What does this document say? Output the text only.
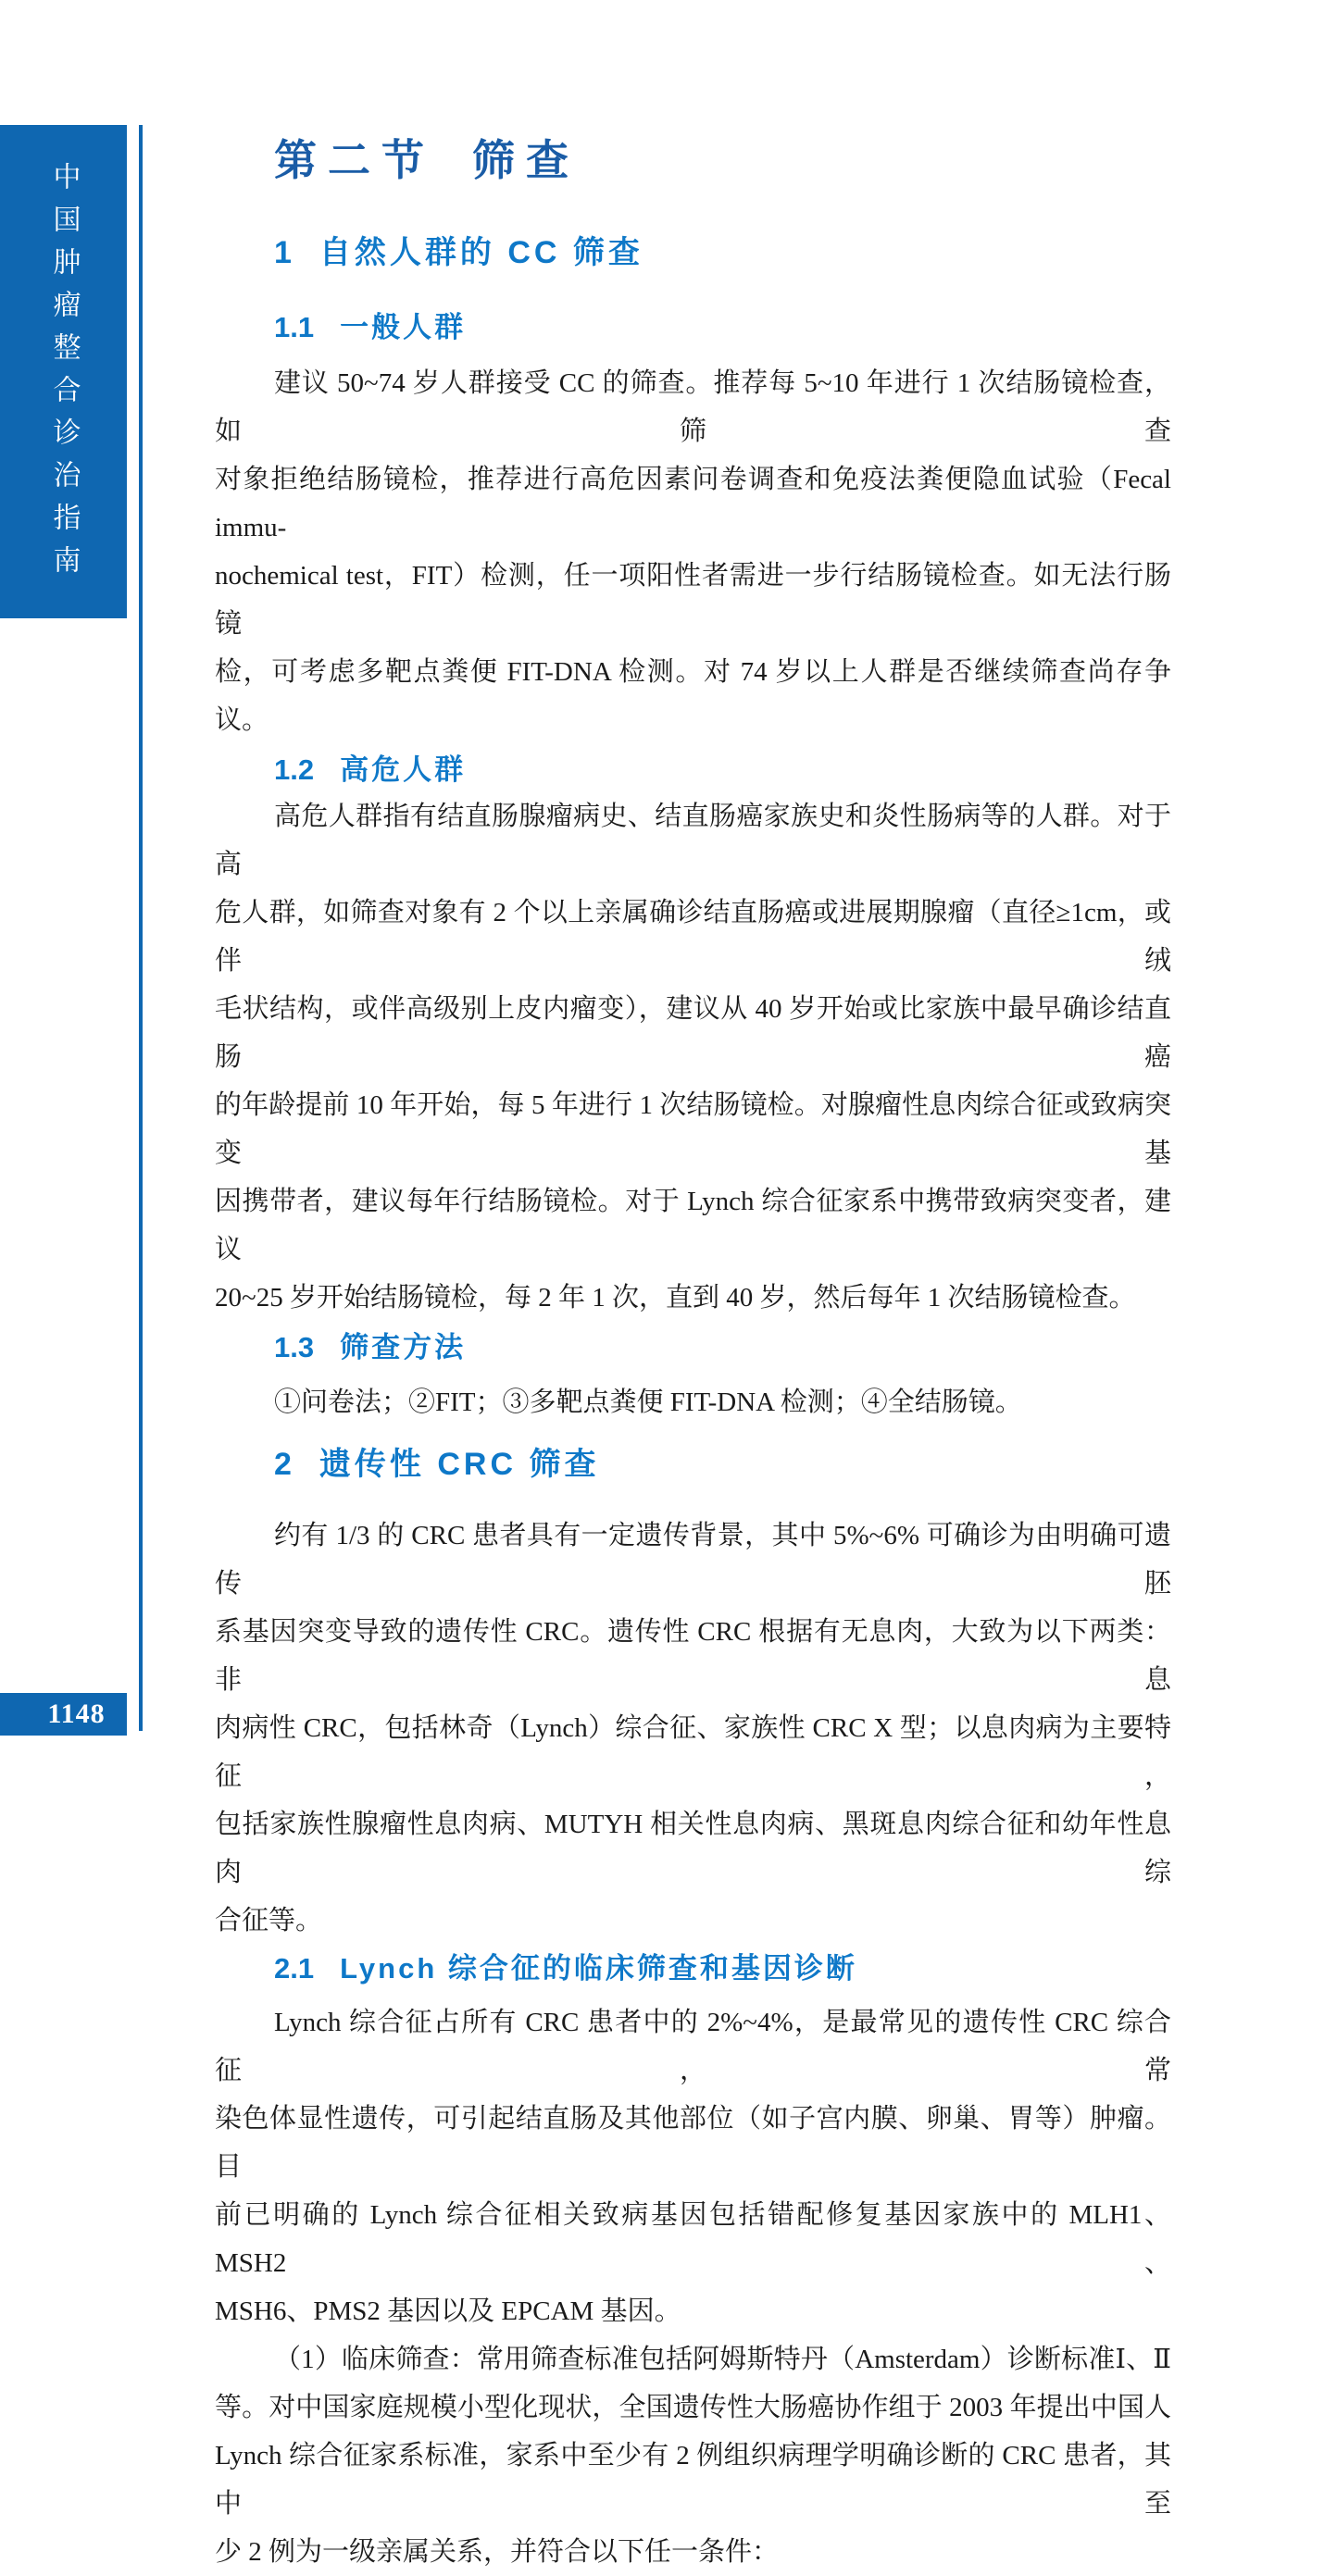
中国肿瘤整合诊治指南
1148
第二节 筛查
1 自然人群的 CC 筛查
1.1 一般人群
建议 50~74 岁人群接受 CC 的筛查。推荐每 5~10 年进行 1 次结肠镜检查，如筛查
对象拒绝结肠镜检，推荐进行高危因素问卷调查和免疫法粪便隐血试验（Fecal immu-
nochemical test，FIT）检测，任一项阳性者需进一步行结肠镜检查。如无法行肠镜
检，可考虑多靶点粪便 FIT-DNA 检测。对 74 岁以上人群是否继续筛查尚存争议。
1.2 高危人群
高危人群指有结直肠腺瘤病史、结直肠癌家族史和炎性肠病等的人群。对于高
危人群，如筛查对象有 2 个以上亲属确诊结直肠癌或进展期腺瘤（直径≥1cm，或伴绒
毛状结构，或伴高级别上皮内瘤变），建议从 40 岁开始或比家族中最早确诊结直肠癌
的年龄提前 10 年开始，每 5 年进行 1 次结肠镜检。对腺瘤性息肉综合征或致病突变基
因携带者，建议每年行结肠镜检。对于 Lynch 综合征家系中携带致病突变者，建议
20~25 岁开始结肠镜检，每 2 年 1 次，直到 40 岁，然后每年 1 次结肠镜检查。
1.3 筛查方法
①问卷法；②FIT；③多靶点粪便 FIT-DNA 检测；④全结肠镜。
2 遗传性 CRC 筛查
约有 1/3 的 CRC 患者具有一定遗传背景，其中 5%~6% 可确诊为由明确可遗传胚
系基因突变导致的遗传性 CRC。遗传性 CRC 根据有无息肉，大致为以下两类：非息
肉病性 CRC，包括林奇（Lynch）综合征、家族性 CRC X 型；以息肉病为主要特征，
包括家族性腺瘤性息肉病、MUTYH 相关性息肉病、黑斑息肉综合征和幼年性息肉综
合征等。
2.1 Lynch 综合征的临床筛查和基因诊断
Lynch 综合征占所有 CRC 患者中的 2%~4%，是最常见的遗传性 CRC 综合征，常
染色体显性遗传，可引起结直肠及其他部位（如子宫内膜、卵巢、胃等）肿瘤。目
前已明确的 Lynch 综合征相关致病基因包括错配修复基因家族中的 MLH1、MSH2、
MSH6、PMS2 基因以及 EPCAM 基因。
（1）临床筛查：常用筛查标准包括阿姆斯特丹（Amsterdam）诊断标准Ⅰ、Ⅱ
等。对中国家庭规模小型化现状，全国遗传性大肠癌协作组于 2003 年提出中国人
Lynch 综合征家系标准，家系中至少有 2 例组织病理学明确诊断的 CRC 患者，其中至
少 2 例为一级亲属关系，并符合以下任一条件：
